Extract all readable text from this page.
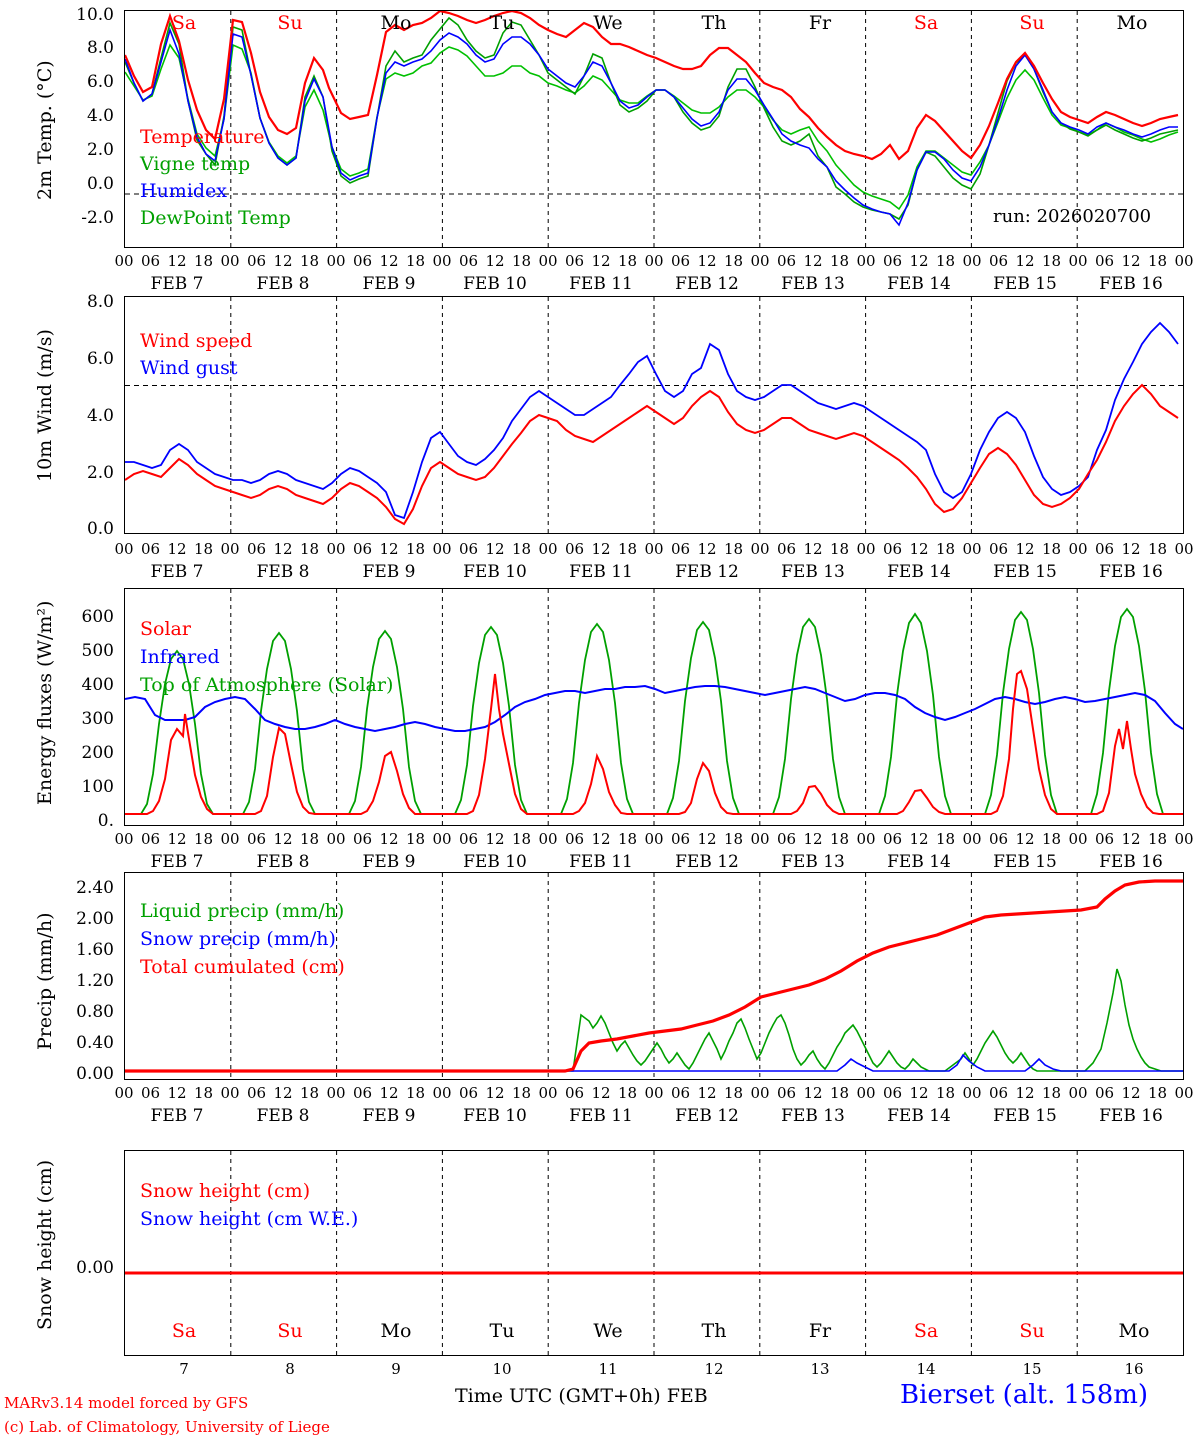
2m Temp. (°C)
-2.0
0.0
2.0
4.0
6.0
8.0
10.0
Temperature
Vigne temp
Humidex
DewPoint Temp	run: 2026020700
Sa	Su	Mo	Tu	We	Th	Fr	Sa	Su	Mo
10m Wind (m/s)
0.0
2.0
4.0
6.0
8.0
Wind speed
Wind gust
Energy fluxes (W/m²)
0.
100
200
300
400
500
600
Solar
Infrared
Top of Atmosphere (Solar)
Precip (mm/h)
0.00
0.40
0.80
1.20
1.60
2.00
2.40
Liquid precip (mm/h)
Snow precip (mm/h)
Total cumulated (cm)
Snow height (cm)	0.00
Snow height (cm)
Snow height (cm W.E.)
Sa	Su	Mo	Tu	We	Th	Fr	Sa	Su	Mo
7	8	9	10	11	12	13	14	15	16
00 06 12 18
FEB 7
00 06 12 18
FEB 8
00 06 12 18
FEB 9
00 06 12 18
FEB 10
00 06 12 18
FEB 11
00 06 12 18
FEB 12
00 06 12 18
FEB 13
00 06 12 18
FEB 14
00 06 12 18
FEB 15
00 06 12 18
FEB 16
00
00 06 12 18
FEB 7
00 06 12 18
FEB 8
00 06 12 18
FEB 9
00 06 12 18
FEB 10
00 06 12 18
FEB 11
00 06 12 18
FEB 12
00 06 12 18
FEB 13
00 06 12 18
FEB 14
00 06 12 18
FEB 15
00 06 12 18
FEB 16
00
00 06 12 18
FEB 7
00 06 12 18
FEB 8
00 06 12 18
FEB 9
00 06 12 18
FEB 10
00 06 12 18
FEB 11
00 06 12 18
FEB 12
00 06 12 18
FEB 13
00 06 12 18
FEB 14
00 06 12 18
FEB 15
00 06 12 18
FEB 16
00
00 06 12 18
FEB 7
00 06 12 18
FEB 8
00 06 12 18
FEB 9
00 06 12 18
FEB 10
00 06 12 18
FEB 11
00 06 12 18
FEB 12
00 06 12 18
FEB 13
00 06 12 18
FEB 14
00 06 12 18
FEB 15
00 06 12 18
FEB 16
00
Time UTC (GMT+0h) FEB
MARv3.14 model forced by GFS
(c) Lab. of Climatology, University of Liege
Bierset (alt. 158m)
